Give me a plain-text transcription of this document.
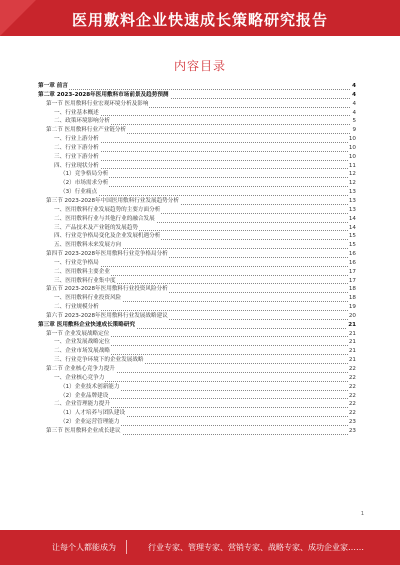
医用敷料企业快速成长策略研究报告
内容目录
第一章 前言	4
第二章 2023-2028年医用敷料市场前景及趋势预测	4
第一节 医用敷料行业宏观环境分析及影响	4
一、行业基本概述	4
二、政策环境影响分析	5
第二节 医用敷料行业产业链分析	9
一、行业上游分析	10
二、行业下游分析	10
三、行业下游分析	10
四、行业现状分析	11
（1）竞争格局分析	12
（2）市场需求分析	12
（3）行业痛点	13
第三节 2023-2028年中国医用敷料行业发展趋势分析	13
一、医用敷料行业发展趋势的主要方面分析	13
二、医用敷料行业与其他行业的融合发展	14
三、产品技术及产业链的发展趋势	14
四、行业竞争格局变化及企业发展机遇分析	15
五、医用敷料未来发展方向	15
第四节 2023-2028年医用敷料行业竞争格局分析	16
一、行业竞争格局	16
二、医用敷料主要企业	17
三、医用敷料行业集中度	17
第五节 2023-2028年医用敷料行业投资风险分析	18
一、医用敷料行业投资风险	18
二、行业规模分析	19
第六节 2023-2028年医用敷料行业发展战略建议	20
第三章 医用敷料企业快速成长策略研究	21
第一节 企业发展战略定位	21
一、企业发展战略定位	21
二、企业市场发展战略	21
三、行业竞争环境下的企业发展战略	21
第二节 企业核心竞争力提升	22
一、企业核心竞争力	22
（1）企业技术创新能力	22
（2）企业品牌建设	22
二、企业管理能力提升	22
（1）人才培养与团队建设	22
（2）企业运营管理能力	23
第三节 医用敷料企业成长建议	23
1
让每个人都能成为	行业专家、管理专家、营销专家、战略专家、成功企业家……
